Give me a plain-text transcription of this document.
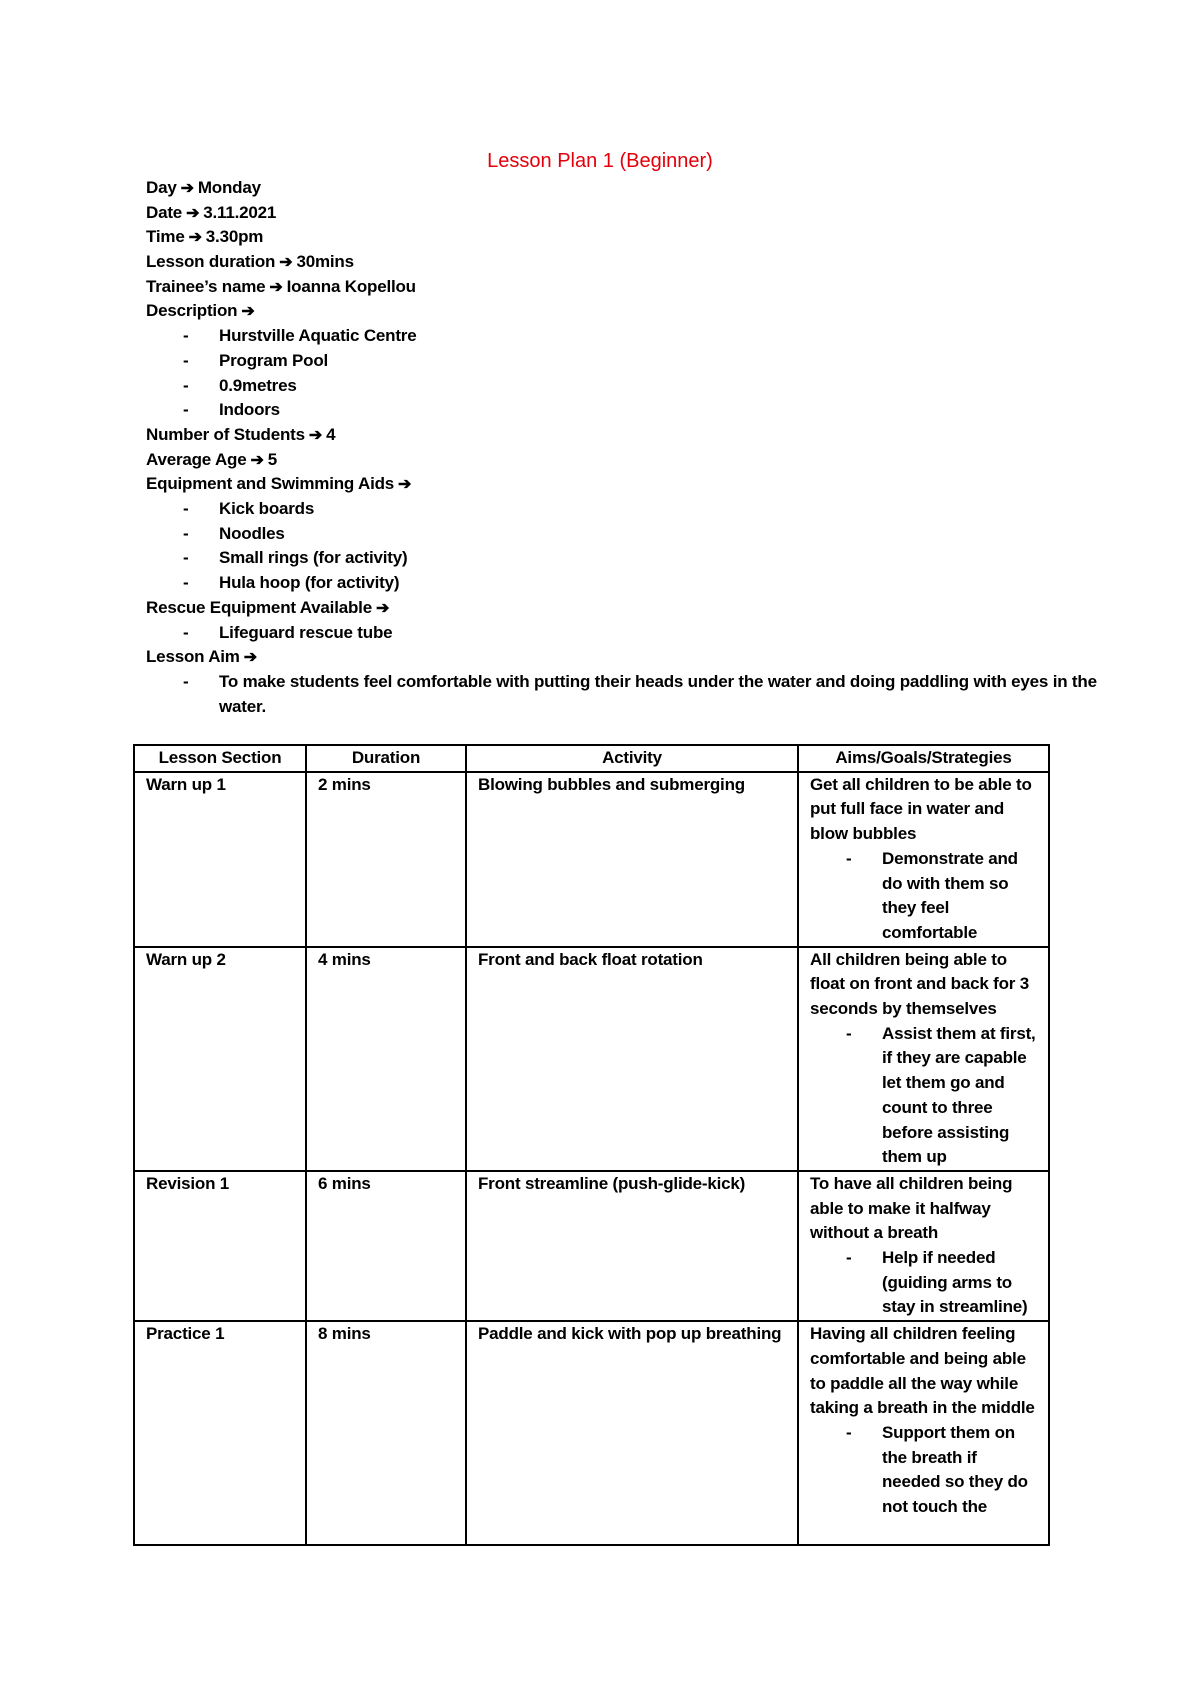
Lesson Plan 1 (Beginner)
Day ➔ Monday
Date ➔ 3.11.2021
Time ➔ 3.30pm
Lesson duration ➔ 30mins
Trainee’s name ➔ Ioanna Kopellou
Description ➔
- Hurstville Aquatic Centre
- Program Pool
- 0.9metres
- Indoors
Number of Students ➔ 4
Average Age ➔ 5
Equipment and Swimming Aids ➔
- Kick boards
- Noodles
- Small rings (for activity)
- Hula hoop (for activity)
Rescue Equipment Available ➔
- Lifeguard rescue tube
Lesson Aim ➔
- To make students feel comfortable with putting their heads under the water and doing paddling with eyes in the water.
Lesson Section	Duration	Activity	Aims/Goals/Strategies
Warn up 1	2 mins	Blowing bubbles and submerging	Get all children to be able to put full face in water and blow bubbles
- Demonstrate and do with them so they feel comfortable

Warn up 2	4 mins	Front and back float rotation	All children being able to float on front and back for 3 seconds by themselves
- Assist them at first, if they are capable let them go and count to three before assisting them up

Revision 1	6 mins	Front streamline (push-glide-kick)	To have all children being able to make it halfway without a breath
- Help if needed (guiding arms to stay in streamline)

Practice 1	8 mins	Paddle and kick with pop up breathing	Having all children feeling comfortable and being able to paddle all the way while taking a breath in the middle
- Support them on the breath if needed so they do not touch the
